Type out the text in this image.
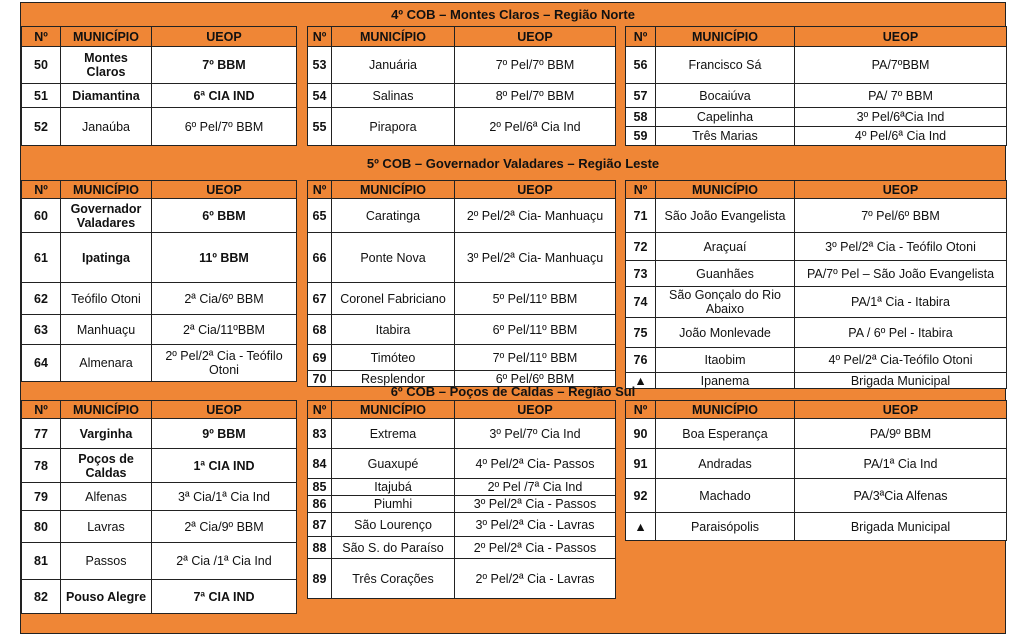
4º COB – Montes Claros – Região Norte
Nº	MUNICÍPIO	UEOP
50	Montes Claros	7º BBM
51	Diamantina	6ª CIA IND
52	Janaúba	6º Pel/7º BBM
Nº	MUNICÍPIO	UEOP
53	Januária	7º Pel/7º BBM
54	Salinas	8º Pel/7º BBM
55	Pirapora	2º Pel/6ª Cia Ind
Nº	MUNICÍPIO	UEOP
56	Francisco Sá	PA/7ºBBM
57	Bocaiúva	PA/ 7º BBM
58	Capelinha	3º Pel/6ªCia Ind
59	Três Marias	4º Pel/6ª Cia Ind
5º COB – Governador Valadares – Região Leste
Nº	MUNICÍPIO	UEOP
60	Governador Valadares	6º BBM
61	Ipatinga	11º BBM
62	Teófilo Otoni	2ª Cia/6º BBM
63	Manhuaçu	2ª Cia/11ºBBM
64	Almenara	2º Pel/2ª Cia - Teófilo Otoni
Nº	MUNICÍPIO	UEOP
65	Caratinga	2º Pel/2ª Cia- Manhuaçu
66	Ponte Nova	3º Pel/2ª Cia- Manhuaçu
67	Coronel Fabriciano	5º Pel/11º BBM
68	Itabira	6º Pel/11º BBM
69	Timóteo	7º Pel/11º BBM
70	Resplendor	6º Pel/6º BBM
Nº	MUNICÍPIO	UEOP
71	São João Evangelista	7º Pel/6º BBM
72	Araçuaí	3º Pel/2ª Cia - Teófilo Otoni
73	Guanhães	PA/7º Pel – São João Evangelista
74	São Gonçalo do Rio Abaixo	PA/1ª Cia - Itabira
75	João Monlevade	PA / 6º Pel - Itabira
76	Itaobim	4º Pel/2ª Cia-Teófilo Otoni
▲	Ipanema	Brigada Municipal
6º COB – Poços de Caldas – Região Sul
Nº	MUNICÍPIO	UEOP
77	Varginha	9º BBM
78	Poços de Caldas	1ª CIA IND
79	Alfenas	3ª Cia/1ª Cia Ind
80	Lavras	2ª Cia/9º BBM
81	Passos	2ª Cia /1ª Cia Ind
82	Pouso Alegre	7ª CIA IND
Nº	MUNICÍPIO	UEOP
83	Extrema	3º Pel/7º Cia Ind
84	Guaxupé	4º Pel/2ª Cia- Passos
85	Itajubá	2º Pel /7ª Cia Ind
86	Piumhi	3º Pel/2ª Cia - Passos
87	São Lourenço	3º Pel/2ª Cia - Lavras
88	São S. do Paraíso	2º Pel/2ª Cia - Passos
89	Três Corações	2º Pel/2ª Cia - Lavras
Nº	MUNICÍPIO	UEOP
90	Boa Esperança	PA/9º BBM
91	Andradas	PA/1ª Cia Ind
92	Machado	PA/3ªCia Alfenas
▲	Paraisópolis	Brigada Municipal
